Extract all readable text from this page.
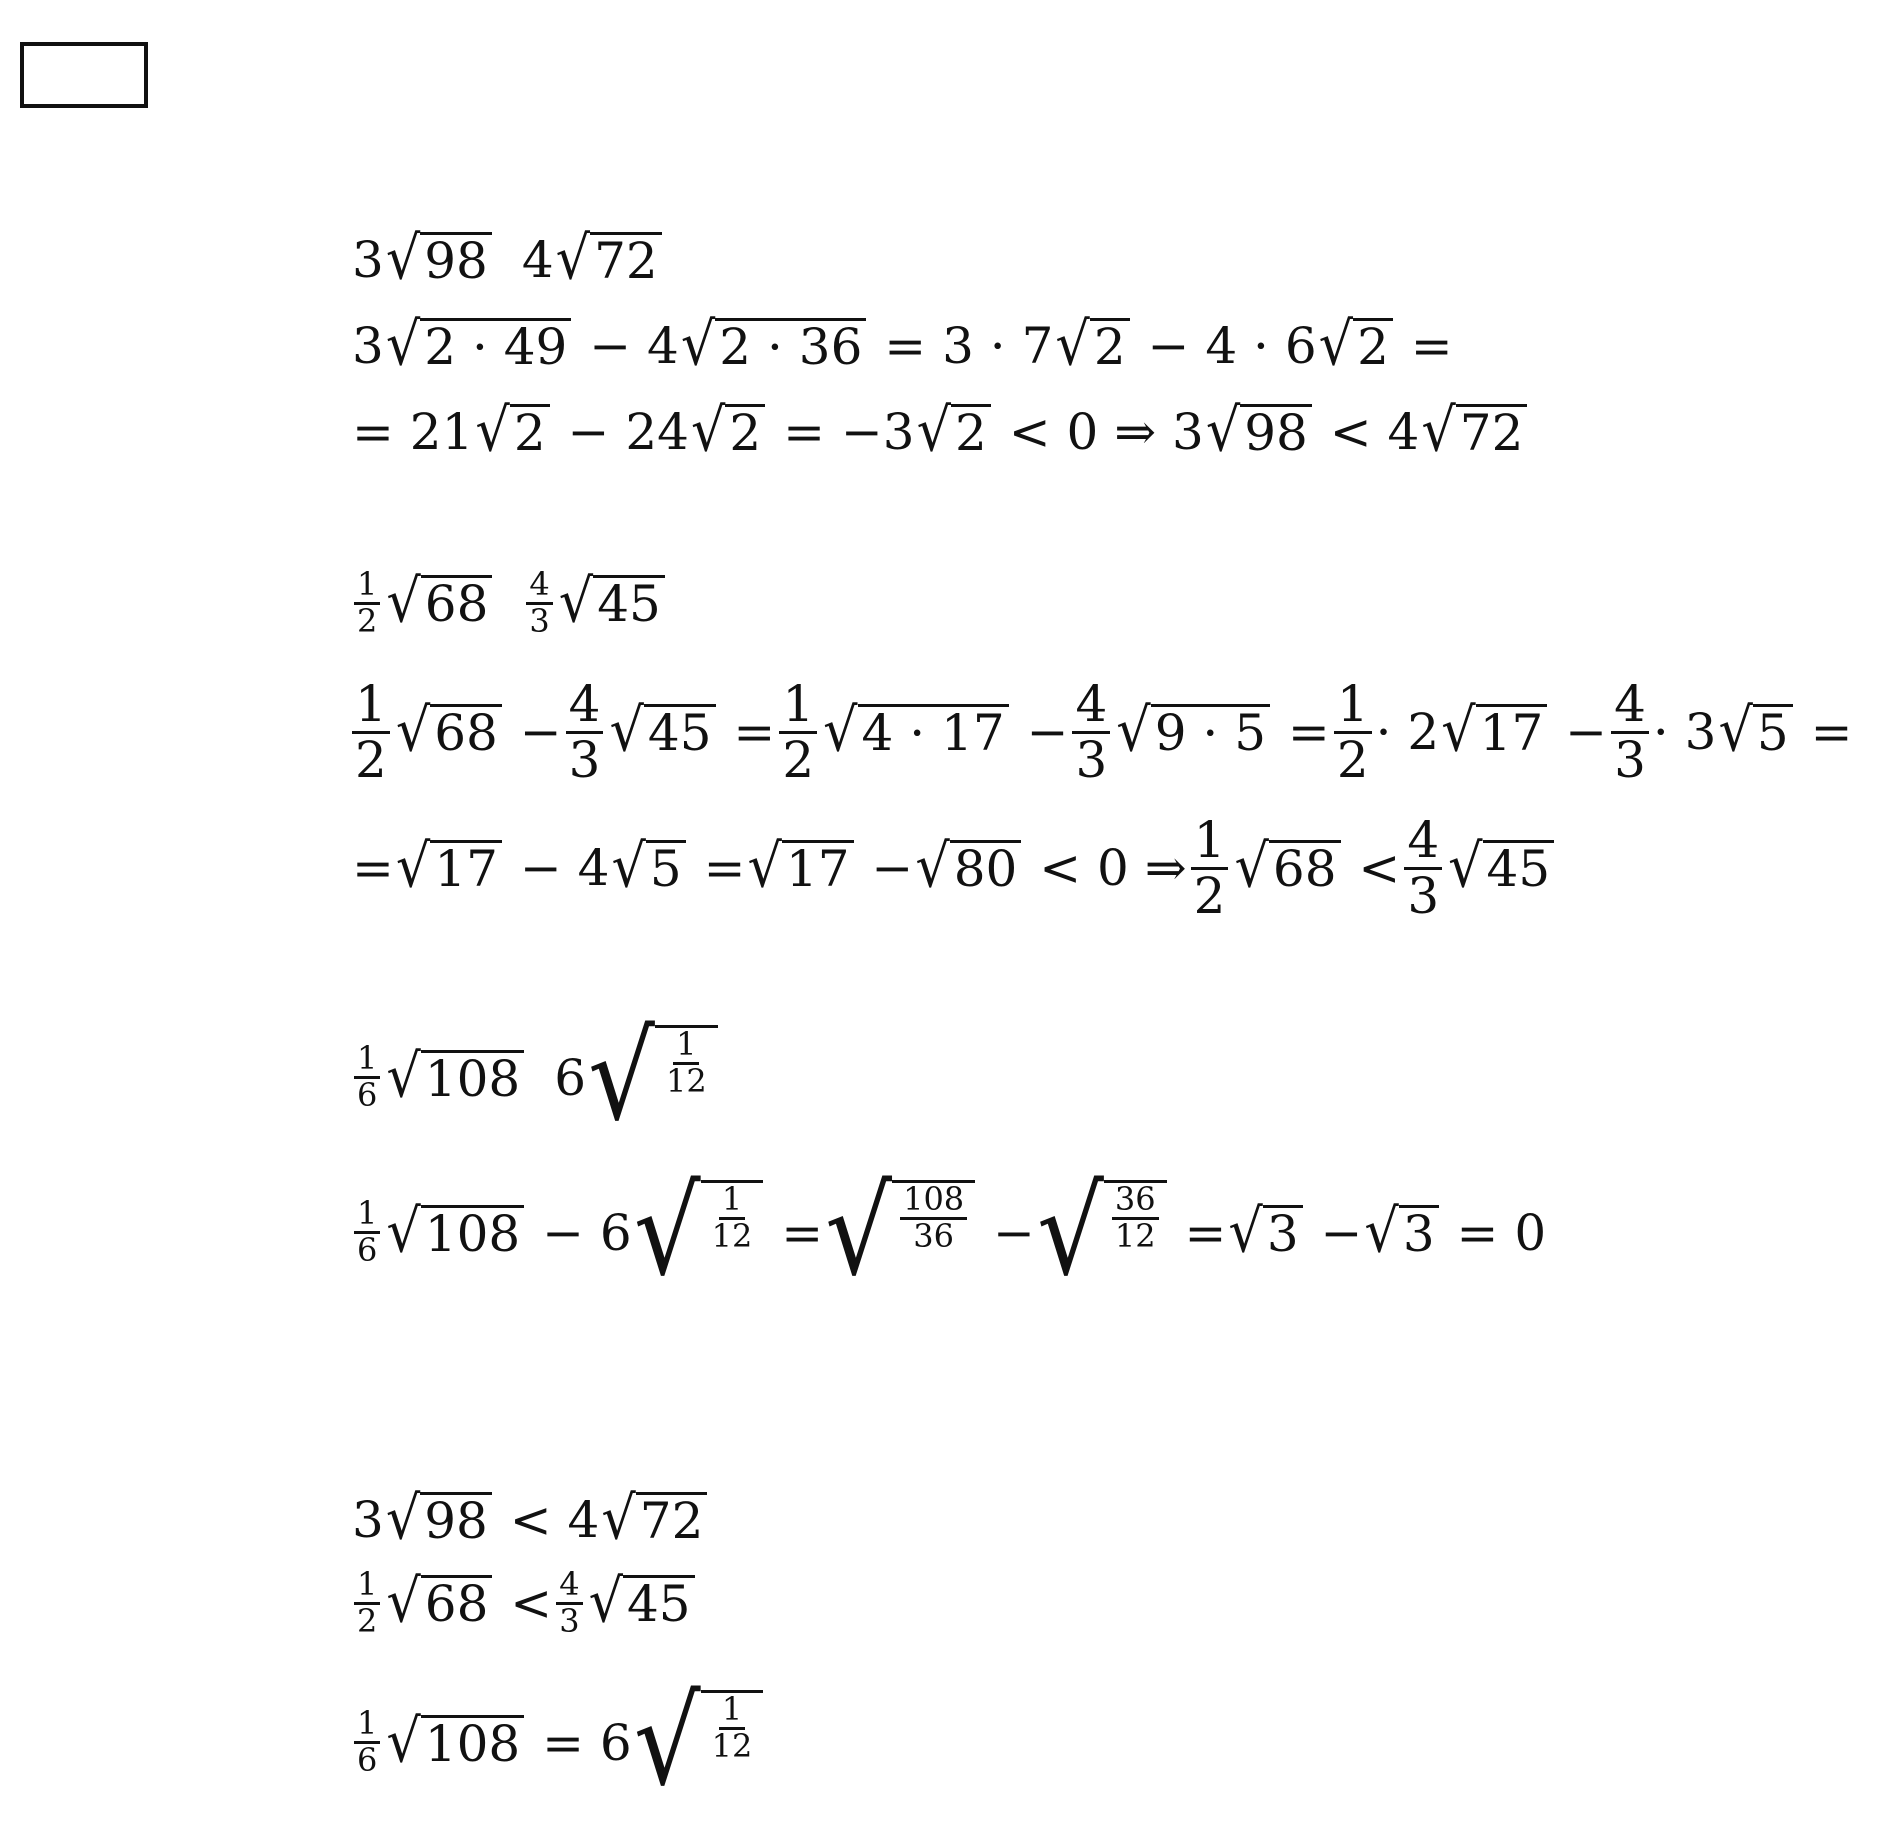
3 √ 98 4 √ 72
3 √ 2 · 49 − 4 √ 2 · 36 = 3 · 7 √ 2 − 4 · 6 √ 2 =
= 21 √ 2 − 24 √ 2 = −3 √ 2 < 0 ⇒ 3 √ 98 < 4 √ 72
$\frac{1}{2}$ √ $68 \frac{4}{3}$ √ 45
$\frac{1}{2}$ √ $68 - \frac{4}{3}$ √ $45 = \frac{1}{2}$ √ $4 \cdot 17 - \frac{4}{3}$ √ $9 \cdot 5 = \frac{1}{2} \cdot 2$ √ $17 - \frac{4}{3} \cdot 3$ √ 5 =
= √ 17 − 4 √ 5 = √ 17 − √ 80 < 0 ⇒ $\frac{1}{2}$ √ $68 < \frac{4}{3}$ √ 45
$\frac{1}{6}$ √ 108 6 √ $\frac{1}{12}$
$\frac{1}{6}$ √ 108 − 6 √ $\frac{1}{12}$ = √ $\frac{108}{36}$ − √ $\frac{36}{12}$ = √ 3 − √ 3 = 0
3 √ 98 < 4 √ 72
$\frac{1}{2}$ √ $68 < \frac{4}{3}$ √ 45
$\frac{1}{6}$ √ 108 = 6 √ $\frac{1}{12}$
